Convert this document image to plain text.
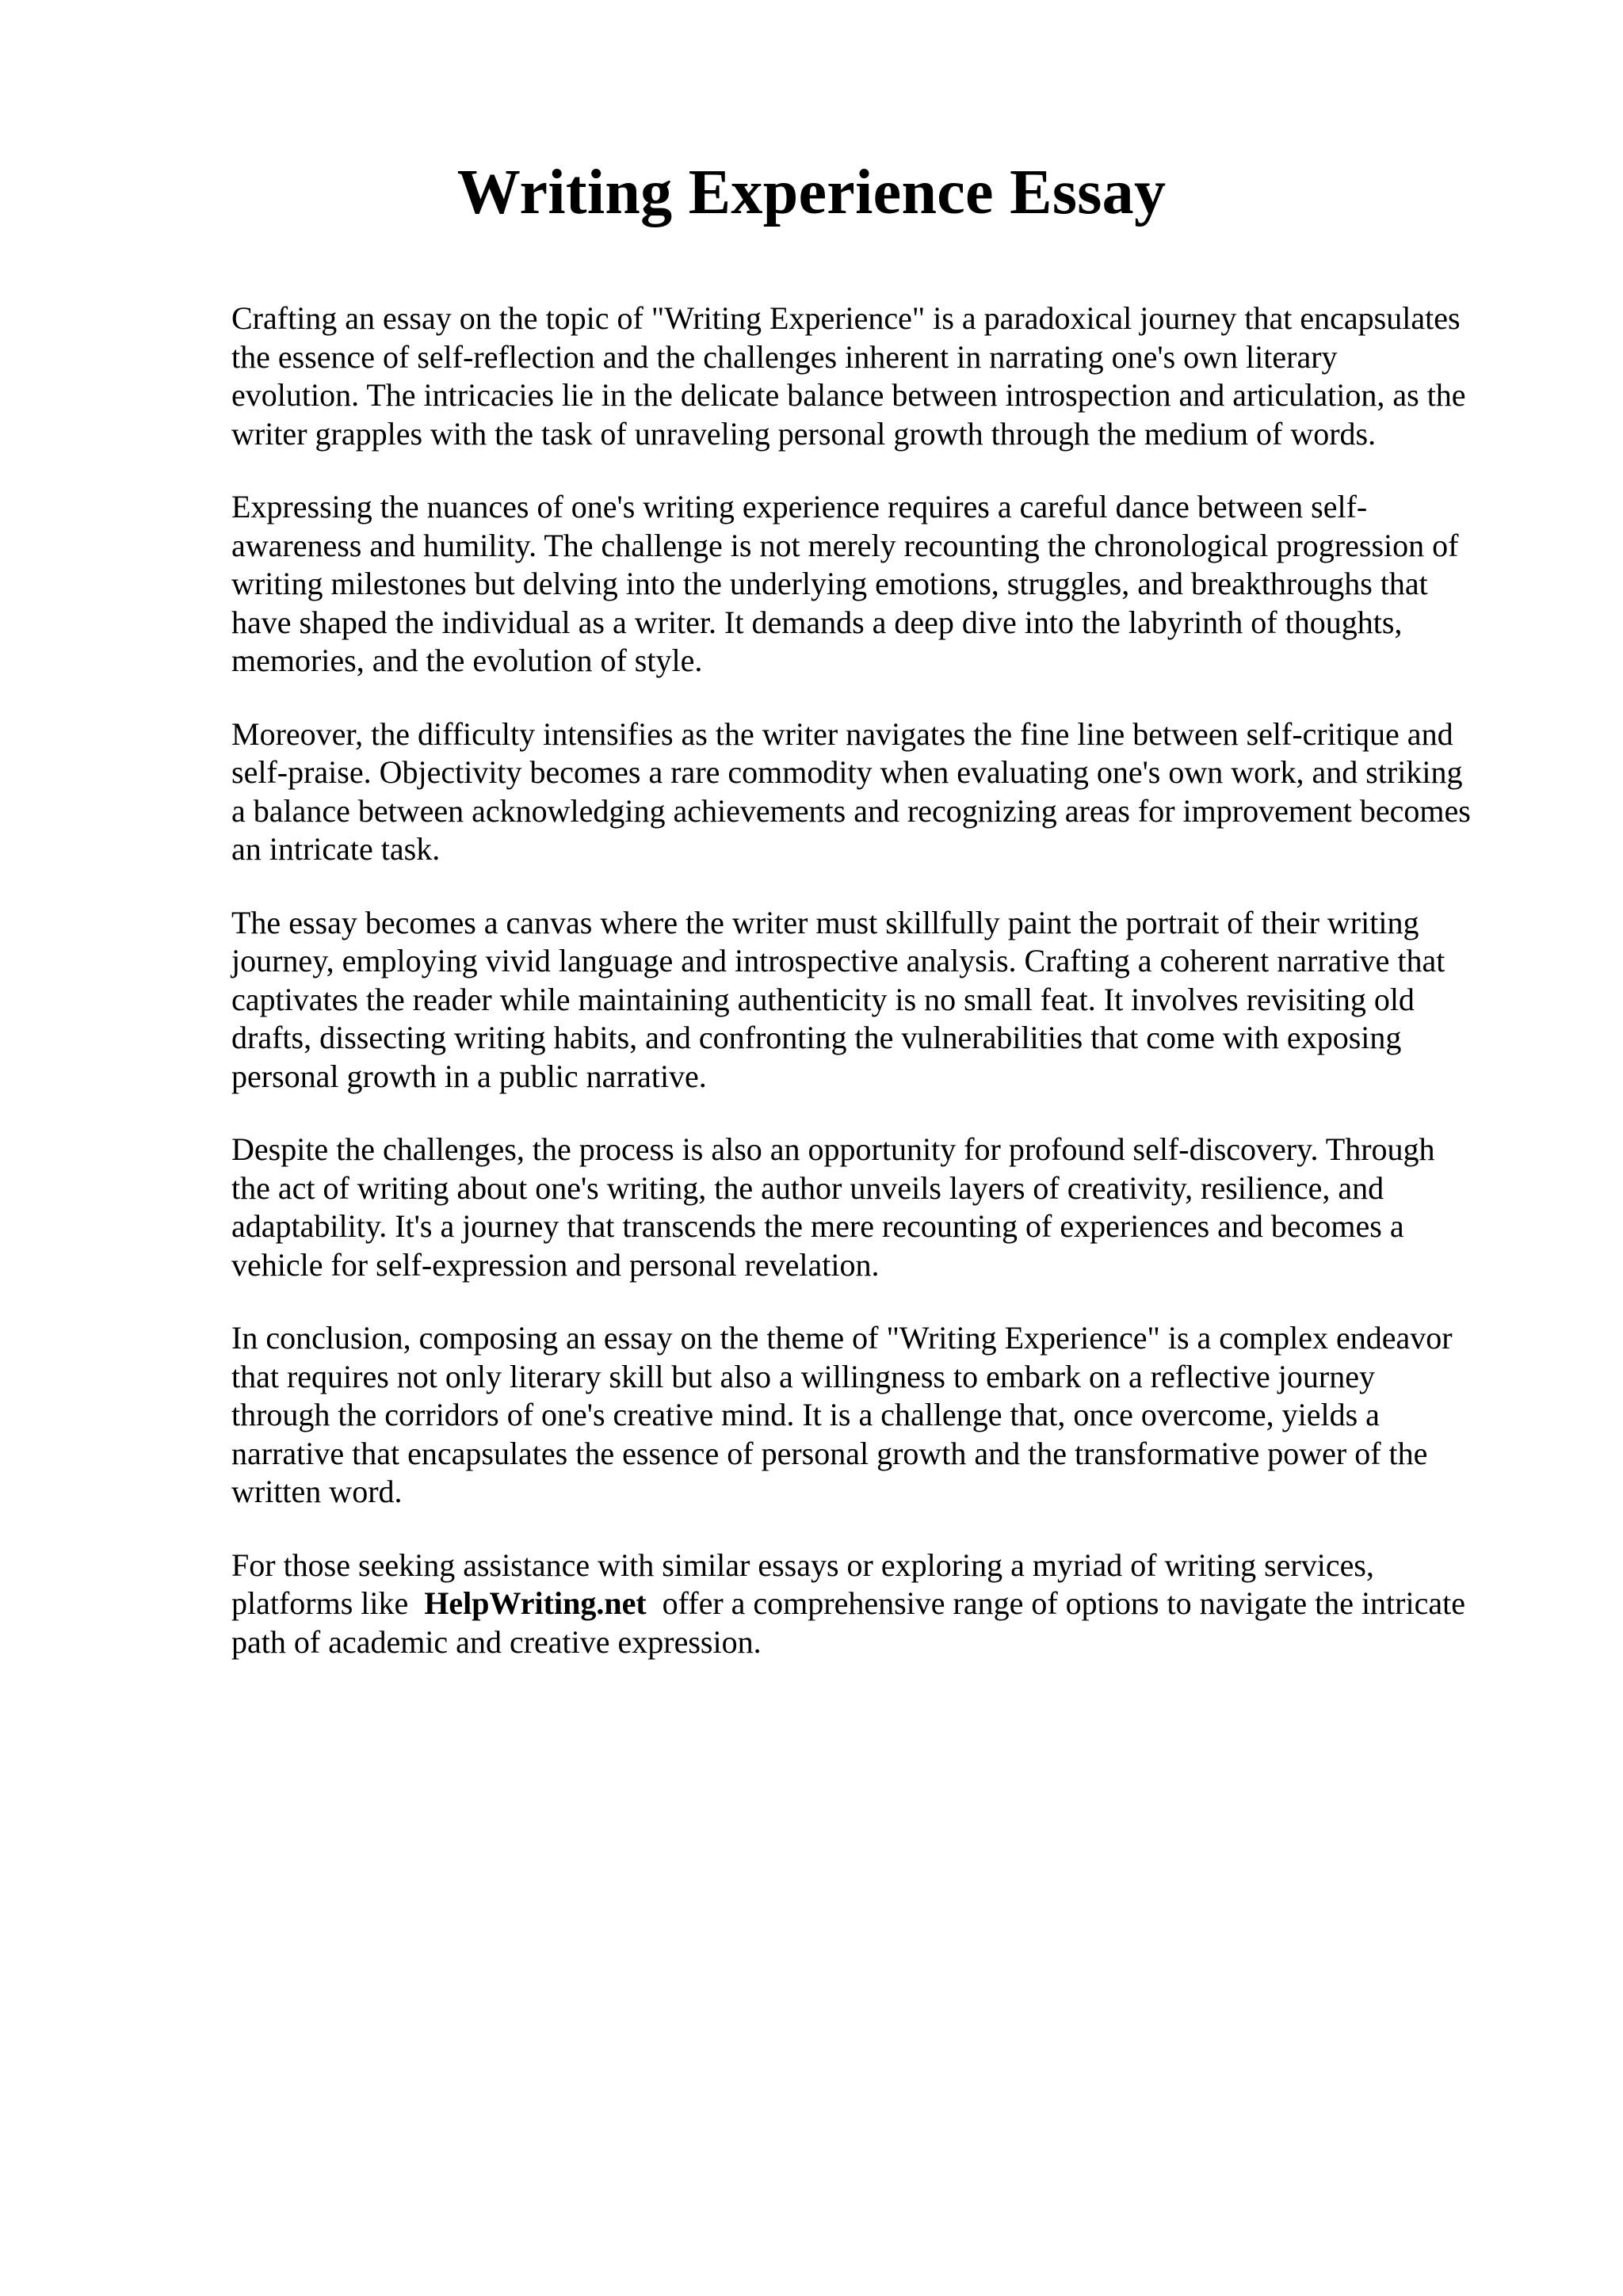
Writing Experience Essay

Crafting an essay on the topic of "Writing Experience" is a paradoxical journey that encapsulates
the essence of self-reflection and the challenges inherent in narrating one's own literary
evolution. The intricacies lie in the delicate balance between introspection and articulation, as the
writer grapples with the task of unraveling personal growth through the medium of words.

Expressing the nuances of one's writing experience requires a careful dance between self-
awareness and humility. The challenge is not merely recounting the chronological progression of
writing milestones but delving into the underlying emotions, struggles, and breakthroughs that
have shaped the individual as a writer. It demands a deep dive into the labyrinth of thoughts,
memories, and the evolution of style.

Moreover, the difficulty intensifies as the writer navigates the fine line between self-critique and
self-praise. Objectivity becomes a rare commodity when evaluating one's own work, and striking
a balance between acknowledging achievements and recognizing areas for improvement becomes
an intricate task.

The essay becomes a canvas where the writer must skillfully paint the portrait of their writing
journey, employing vivid language and introspective analysis. Crafting a coherent narrative that
captivates the reader while maintaining authenticity is no small feat. It involves revisiting old
drafts, dissecting writing habits, and confronting the vulnerabilities that come with exposing
personal growth in a public narrative.

Despite the challenges, the process is also an opportunity for profound self-discovery. Through
the act of writing about one's writing, the author unveils layers of creativity, resilience, and
adaptability. It's a journey that transcends the mere recounting of experiences and becomes a
vehicle for self-expression and personal revelation.

In conclusion, composing an essay on the theme of "Writing Experience" is a complex endeavor
that requires not only literary skill but also a willingness to embark on a reflective journey
through the corridors of one's creative mind. It is a challenge that, once overcome, yields a
narrative that encapsulates the essence of personal growth and the transformative power of the
written word.

For those seeking assistance with similar essays or exploring a myriad of writing services,
platforms like HelpWriting.net offer a comprehensive range of options to navigate the intricate
path of academic and creative expression.
